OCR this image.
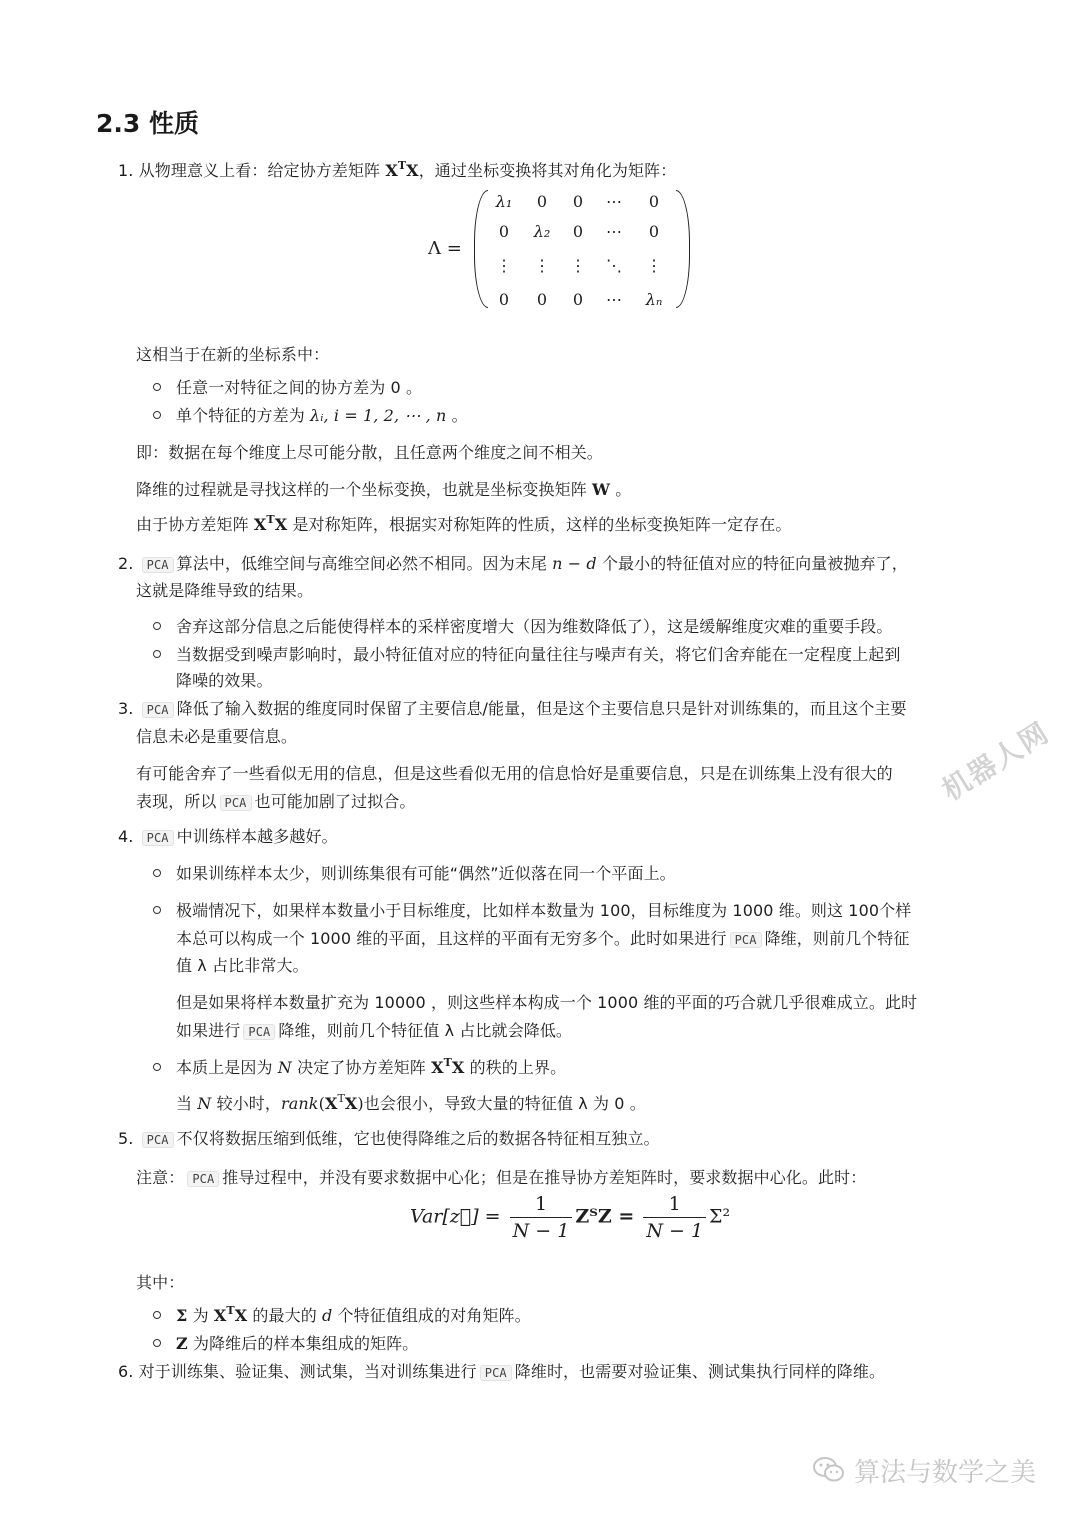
2.3 性质
1. 从物理意义上看：给定协方差矩阵 $X^TX$，通过坐标变换将其对角化为矩阵：
Λ =
λ₁	0	0	⋯	0
0	λ₂	0	⋯	0
⋮	⋮	⋮	⋱	⋮
0	0	0	⋯	λₙ
这相当于在新的坐标系中：
任意一对特征之间的协方差为 0 。
单个特征的方差为 λᵢ, i = 1, 2, ⋯ , n 。
即：数据在每个维度上尽可能分散，且任意两个维度之间不相关。
降维的过程就是寻找这样的一个坐标变换，也就是坐标变换矩阵 W 。
由于协方差矩阵 $X^TX$ 是对称矩阵，根据实对称矩阵的性质，这样的坐标变换矩阵一定存在。
2. PCA 算法中，低维空间与高维空间必然不相同。因为末尾 n − d 个最小的特征值对应的特征向量被抛弃了，
这就是降维导致的结果。
舍弃这部分信息之后能使得样本的采样密度增大（因为维数降低了），这是缓解维度灾难的重要手段。
当数据受到噪声影响时，最小特征值对应的特征向量往往与噪声有关，将它们舍弃能在一定程度上起到
降噪的效果。
3. PCA 降低了输入数据的维度同时保留了主要信息/能量，但是这个主要信息只是针对训练集的，而且这个主要
信息未必是重要信息。
有可能舍弃了一些看似无用的信息，但是这些看似无用的信息恰好是重要信息，只是在训练集上没有很大的
表现，所以 PCA 也可能加剧了过拟合。	机器人网
4. PCA 中训练样本越多越好。
如果训练样本太少，则训练集很有可能“偶然”近似落在同一个平面上。
极端情况下，如果样本数量小于目标维度，比如样本数量为 100，目标维度为 1000 维。则这 100个样
本总可以构成一个 1000 维的平面，且这样的平面有无穷多个。此时如果进行 PCA 降维，则前几个特征
值 λ 占比非常大。
但是如果将样本数量扩充为 10000 ，则这些样本构成一个 1000 维的平面的巧合就几乎很难成立。此时
如果进行 PCA 降维，则前几个特征值 λ 占比就会降低。
本质上是因为 N 决定了协方差矩阵 $X^TX$ 的秩的上界。
当 N 较小时，$rank(X^TX)$也会很小，导致大量的特征值 λ 为 0 。
5. PCA 不仅将数据压缩到低维，它也使得降维之后的数据各特征相互独立。
注意： PCA 推导过程中，并没有要求数据中心化；但是在推导协方差矩阵时，要求数据中心化。此时：
Var[z⃗] = $\frac{1}{N - 1}$ ZᵀZ = $\frac{1}{N - 1} \Sigma^2$
其中：
Σ 为 $X^TX$ 的最大的 d 个特征值组成的对角矩阵。
Z 为降维后的样本集组成的矩阵。
6. 对于训练集、验证集、测试集，当对训练集进行 PCA 降维时，也需要对验证集、测试集执行同样的降维。
算法与数学之美
